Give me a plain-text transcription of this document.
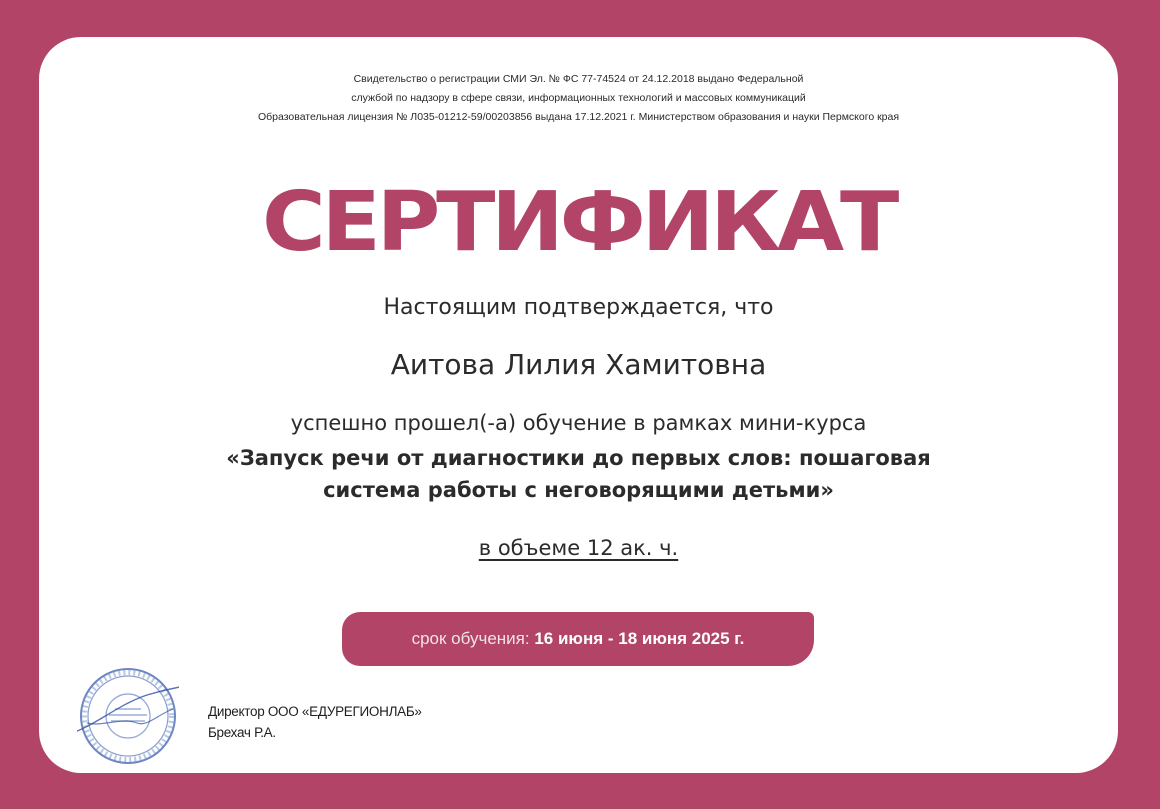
Свидетельство о регистрации СМИ Эл. № ФС 77-74524 от 24.12.2018 выдано Федеральной
службой по надзору в сфере связи, информационных технологий и массовых коммуникаций
Образовательная лицензия № Л035-01212-59/00203856 выдана 17.12.2021 г. Министерством образования и науки Пермского края
СЕРТИФИКАТ
Настоящим подтверждается, что
Аитова Лилия Хамитовна
успешно прошел(-а) обучение в рамках мини-курса
«Запуск речи от диагностики до первых слов: пошаговая
система работы с неговорящими детьми»
в объеме 12 ак. ч.
срок обучения: 16 июня - 18 июня 2025 г.
Директор ООО «ЕДУРЕГИОНЛАБ»
Брехач Р.А.
